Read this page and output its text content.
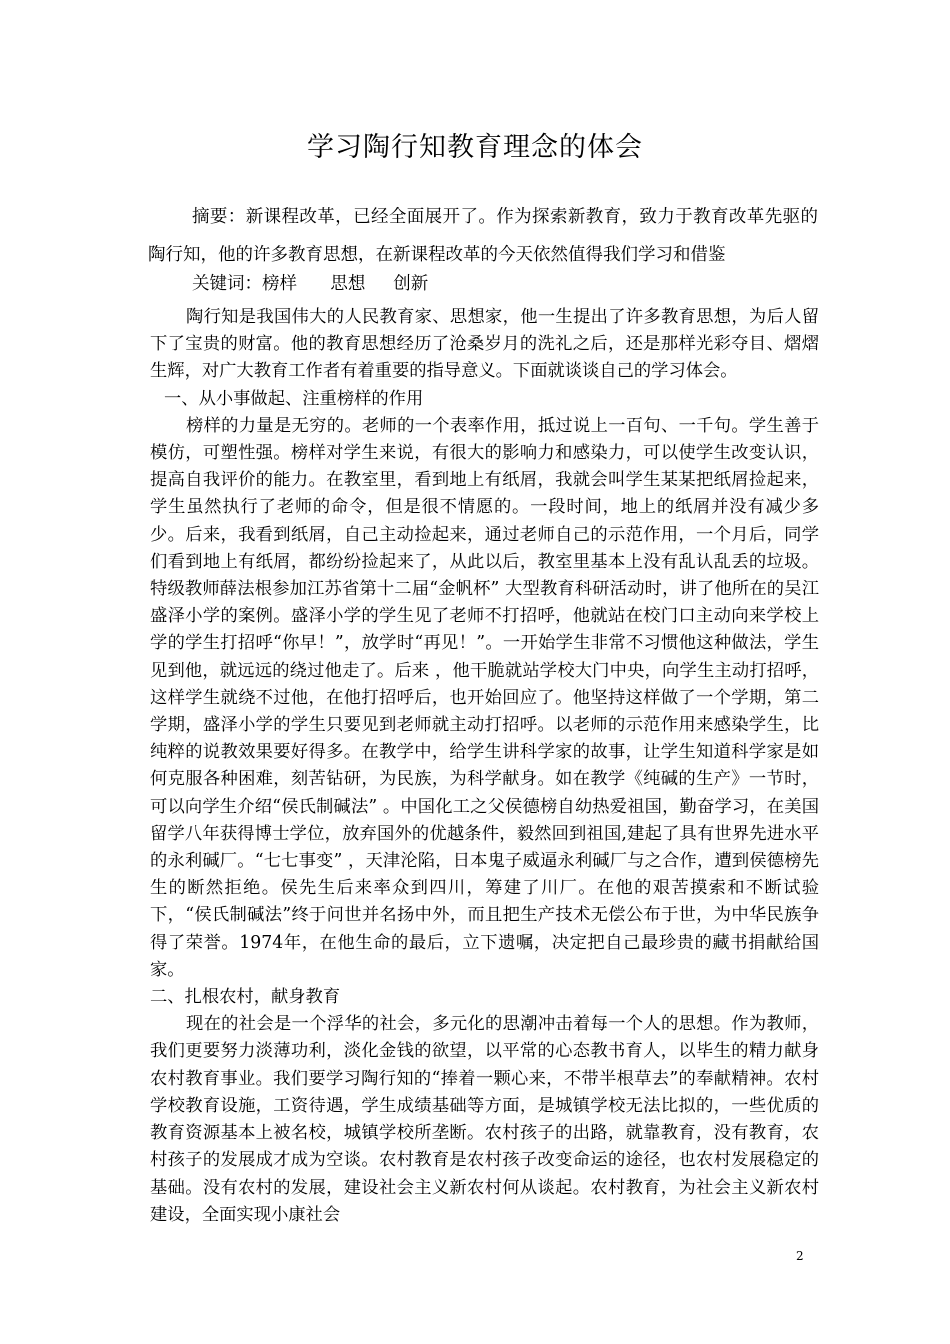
学习陶行知教育理念的体会
摘要：新课程改革，已经全面展开了。作为探索新教育，致力于教育改革先驱的陶行知，他的许多教育思想，在新课程改革的今天依然值得我们学习和借鉴
关键词：榜样      思想     创新

陶行知是我国伟大的人民教育家、思想家，他一生提出了许多教育思想，为后人留下了宝贵的财富。他的教育思想经历了沧桑岁月的洗礼之后，还是那样光彩夺目、熠熠生辉，对广大教育工作者有着重要的指导意义。下面就谈谈自己的学习体会。

一、从小事做起、注重榜样的作用

榜样的力量是无穷的。老师的一个表率作用，抵过说上一百句、一千句。学生善于模仿，可塑性强。榜样对学生来说，有很大的影响力和感染力，可以使学生改变认识，提高自我评价的能力。在教室里，看到地上有纸屑，我就会叫学生某某把纸屑捡起来，学生虽然执行了老师的命令，但是很不情愿的。一段时间，地上的纸屑并没有减少多少。后来，我看到纸屑，自己主动捡起来，通过老师自己的示范作用，一个月后，同学们看到地上有纸屑，都纷纷捡起来了，从此以后，教室里基本上没有乱认乱丢的垃圾。特级教师薛法根参加江苏省第十二届“金帆杯” 大型教育科研活动时，讲了他所在的吴江盛泽小学的案例。盛泽小学的学生见了老师不打招呼，他就站在校门口主动向来学校上学的学生打招呼“你早！”，放学时“再见！”。一开始学生非常不习惯他这种做法，学生见到他，就远远的绕过他走了。后来 ，他干脆就站学校大门中央，向学生主动打招呼，这样学生就绕不过他，在他打招呼后，也开始回应了。他坚持这样做了一个学期，第二学期，盛泽小学的学生只要见到老师就主动打招呼。以老师的示范作用来感染学生，比纯粹的说教效果要好得多。在教学中，给学生讲科学家的故事，让学生知道科学家是如何克服各种困难，刻苦钻研，为民族，为科学献身。如在教学《纯碱的生产》一节时，可以向学生介绍“侯氏制碱法” 。中国化工之父侯德榜自幼热爱祖国，勤奋学习，在美国留学八年获得博士学位，放弃国外的优越条件，毅然回到祖国,建起了具有世界先进水平的永利碱厂。“七七事变” ，天津沦陷，日本鬼子威逼永利碱厂与之合作，遭到侯德榜先生的断然拒绝。侯先生后来率众到四川，筹建了川厂。在他的艰苦摸索和不断试验下，“侯氏制碱法”终于问世并名扬中外，而且把生产技术无偿公布于世，为中华民族争得了荣誉。1974年，在他生命的最后，立下遗嘱，决定把自己最珍贵的藏书捐献给国家。

二、扎根农村，献身教育

现在的社会是一个浮华的社会，多元化的思潮冲击着每一个人的思想。作为教师，我们更要努力淡薄功利，淡化金钱的欲望，以平常的心态教书育人，以毕生的精力献身农村教育事业。我们要学习陶行知的“捧着一颗心来，不带半根草去”的奉献精神。农村学校教育设施，工资待遇，学生成绩基础等方面，是城镇学校无法比拟的，一些优质的教育资源基本上被名校，城镇学校所垄断。农村孩子的出路，就靠教育，没有教育，农村孩子的发展成才成为空谈。农村教育是农村孩子改变命运的途径，也农村发展稳定的基础。没有农村的发展，建设社会主义新农村何从谈起。农村教育，为社会主义新农村建设，全面实现小康社会

2
